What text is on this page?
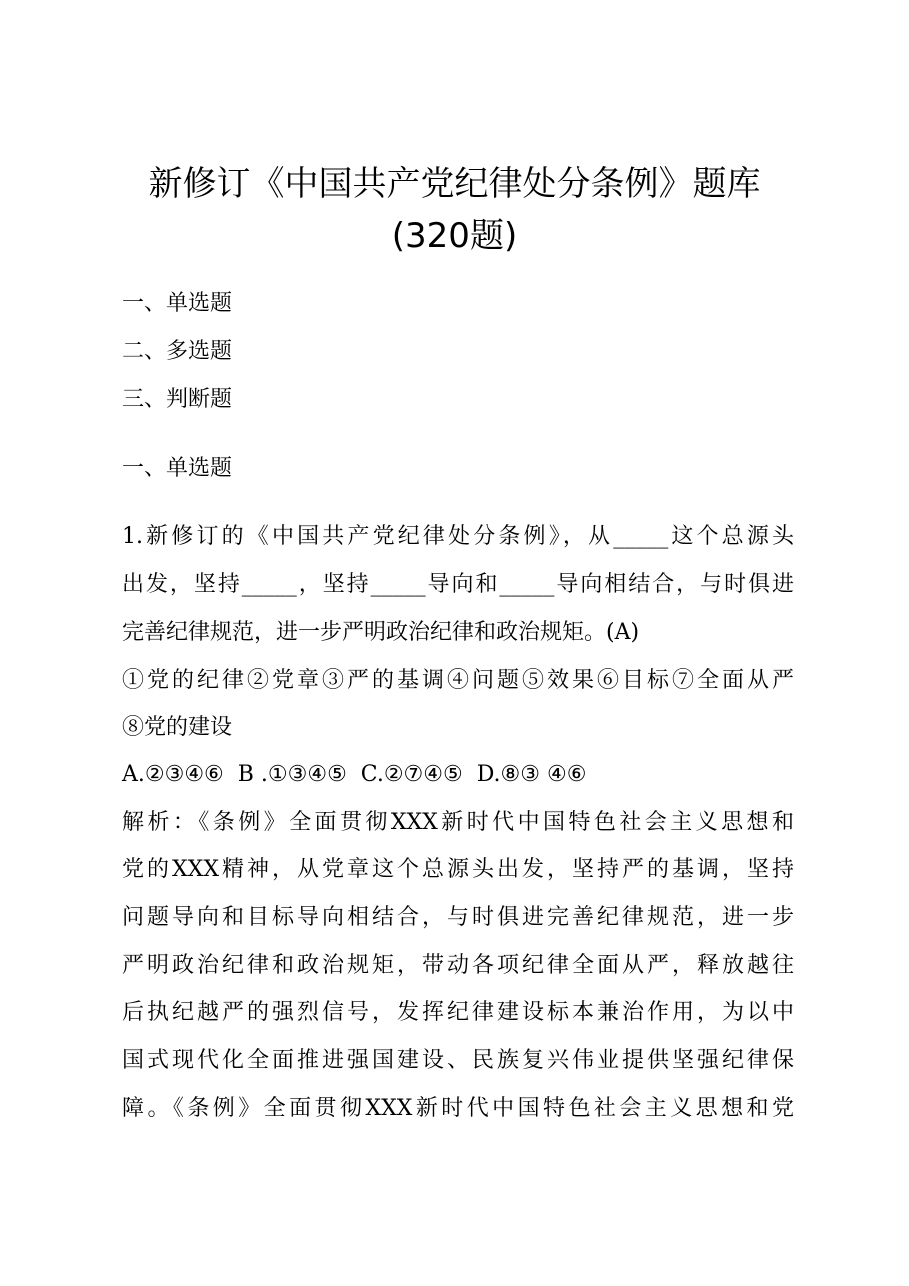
新修订《中国共产党纪律处分条例》题库
(320题)
一、单选题
二、多选题
三、判断题
一、单选题
1.新修订的《中国共产党纪律处分条例》，从_____这个总源头
出发，坚持_____，坚持_____导向和_____导向相结合，与时俱进
完善纪律规范，进一步严明政治纪律和政治规矩。(A)
①党的纪律②党章③严的基调④问题⑤效果⑥目标⑦全面从严
⑧党的建设
A.②③④⑥  B .①③④⑤  C.②⑦④⑤  D.⑧③ ④⑥
解析：《条例》全面贯彻XXX新时代中国特色社会主义思想和
党的XXX精神，从党章这个总源头出发，坚持严的基调，坚持
问题导向和目标导向相结合，与时俱进完善纪律规范，进一步
严明政治纪律和政治规矩，带动各项纪律全面从严，释放越往
后执纪越严的强烈信号，发挥纪律建设标本兼治作用，为以中
国式现代化全面推进强国建设、民族复兴伟业提供坚强纪律保
障。《条例》全面贯彻XXX新时代中国特色社会主义思想和党
